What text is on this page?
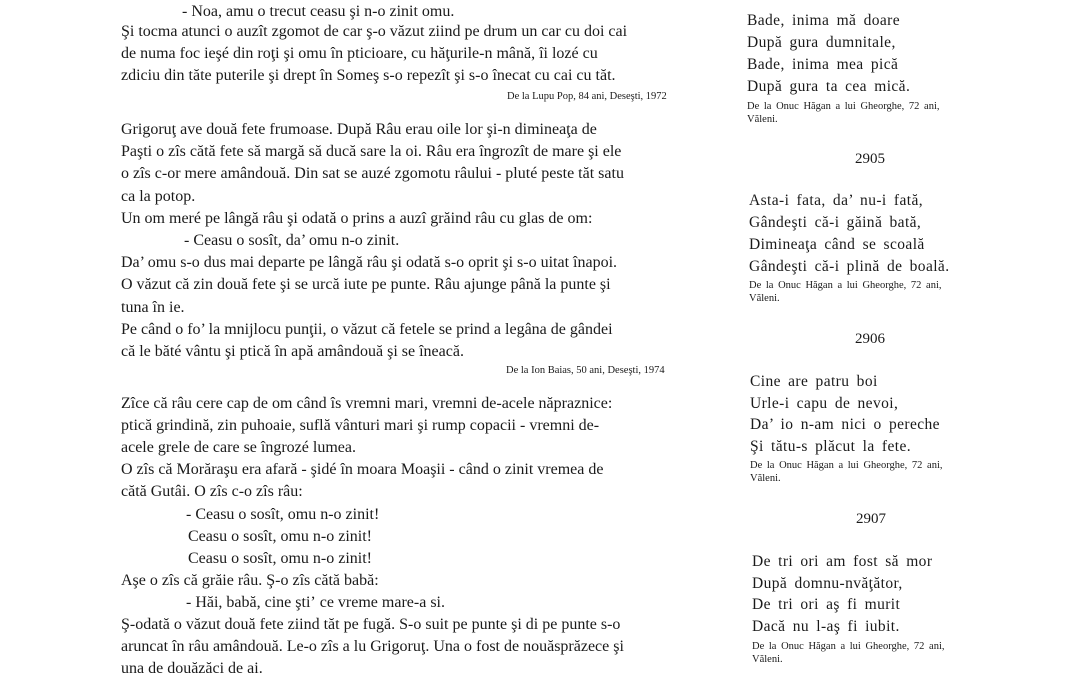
- Noa, amu o trecut ceasu şi n-o zinit omu.
Şi tocma atunci o auzît zgomot de car ş-o văzut ziind pe drum un car cu doi cai
de numa foc ieşé din roţi şi omu în pticioare, cu hăţurile-n mână, îi lozé cu
zdiciu din tăte puterile şi drept în Someş s-o repezît şi s-o înecat cu cai cu tăt.
De la Lupu Pop, 84 ani, Deseşti, 1972
Grigoruţ ave două fete frumoase. După Râu erau oile lor şi-n dimineaţa de
Paşti o zîs cătă fete să margă să ducă sare la oi. Râu era îngrozît de mare şi ele
o zîs c-or mere amândouă. Din sat se auzé zgomotu râului - pluté peste tăt satu
ca la potop.
Un om meré pe lângă râu şi odată o prins a auzî grăind râu cu glas de om:
- Ceasu o sosît, da’ omu n-o zinit.
Da’ omu s-o dus mai departe pe lângă râu şi odată s-o oprit şi s-o uitat înapoi.
O văzut că zin două fete şi se urcă iute pe punte. Râu ajunge până la punte şi
tuna în ie.
Pe când o fo’ la mnijlocu punţii, o văzut că fetele se prind a legâna de gândei
că le băté vântu şi ptică în apă amândouă şi se îneacă.
De la Ion Baias, 50 ani, Deseşti, 1974
Zîce că râu cere cap de om când îs vremni mari, vremni de-acele năpraznice:
ptică grindină, zin puhoaie, suflă vânturi mari şi rump copacii - vremni de-
acele grele de care se îngrozé lumea.
O zîs că Morăraşu era afară - şidé în moara Moaşii - când o zinit vremea de
cătă Gutâi. O zîs c-o zîs râu:
- Ceasu o sosît, omu n-o zinit!
Ceasu o sosît, omu n-o zinit!
Ceasu o sosît, omu n-o zinit!
Aşe o zîs că grăie râu. Ş-o zîs cătă babă:
- Hăi, babă, cine ştiʼ ce vreme mare-a si.
Ş-odată o văzut două fete ziind tăt pe fugă. S-o suit pe punte şi di pe punte s-o
aruncat în râu amândouă. Le-o zîs a lu Grigoruţ. Una o fost de nouăsprăzece şi
una de douăzăci de ai.
Bade, inima mă doare
După gura dumnitale,
Bade, inima mea pică
După gura ta cea mică.
De la Onuc Hăgan a lui Gheorghe, 72 ani,
Văleni.
2905
Asta-i fata, da’ nu-i fată,
Gândeşti că-i găină bată,
Dimineaţa când se scoală
Gândeşti că-i plină de boală.
De la Onuc Hăgan a lui Gheorghe, 72 ani,
Văleni.
2906
Cine are patru boi
Urle-i capu de nevoi,
Da’ io n-am nici o pereche
Şi tătu-s plăcut la fete.
De la Onuc Hăgan a lui Gheorghe, 72 ani,
Văleni.
2907
De tri ori am fost să mor
După domnu-nvăţător,
De tri ori aş fi murit
Dacă nu l-aş fi iubit.
De la Onuc Hăgan a lui Gheorghe, 72 ani,
Văleni.
